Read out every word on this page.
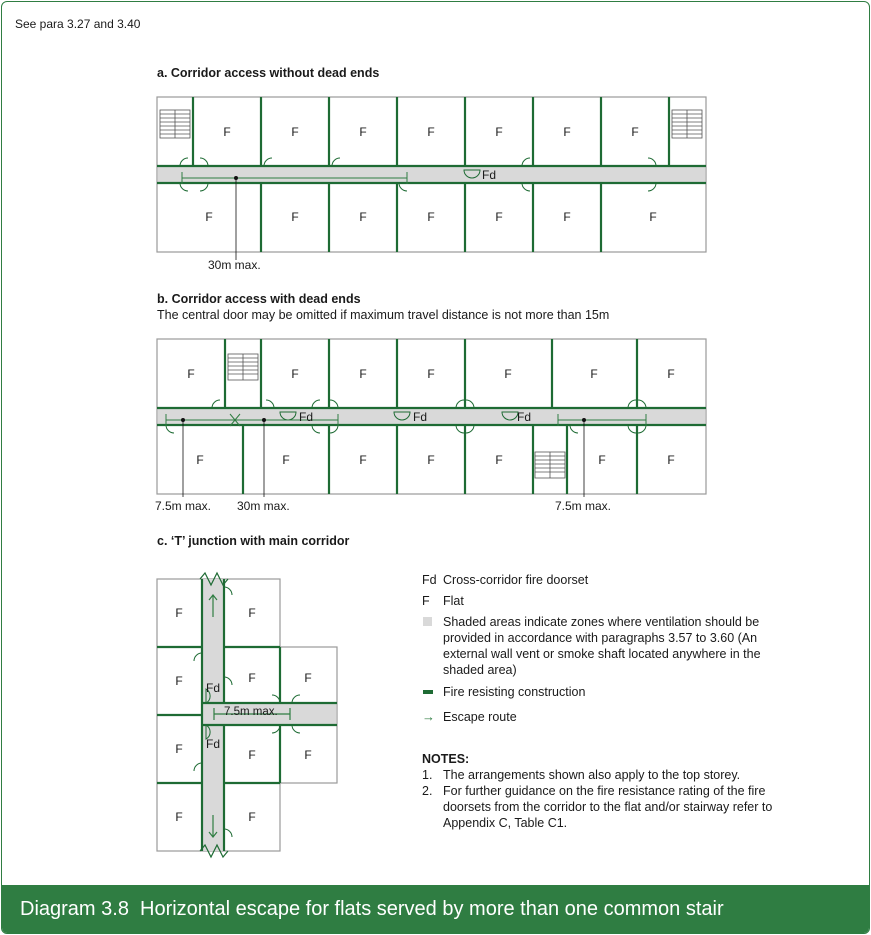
See para 3.27 and 3.40
a. Corridor access without dead ends
F	F	F	F	F	F	F
F	F	F	F	F	F	F
Fd
30m max.
b. Corridor access with dead ends
The central door may be omitted if maximum travel distance is not more than 15m
F	F	F	F	F	F	F
F	F	F	F	F	F	F
Fd	Fd	Fd
7.5m max. 30m max.	7.5m max.
c. ‘T’ junction with main corridor
F	F
F	F	F
F	F	F
F	F
Fd
Fd
7.5m max.
Fd Cross-corridor fire doorset
F	Flat
Shaded areas indicate zones where ventilation should be provided in accordance with paragraphs 3.57 to 3.60 (An external wall vent or smoke shaft located anywhere in the shaded area)
Fire resisting construction
→ Escape route
NOTES:
1. The arrangements shown also apply to the top storey.
2. For further guidance on the fire resistance rating of the fire doorsets from the corridor to the flat and/or stairway refer to Appendix C, Table C1.
Diagram 3.8 Horizontal escape for flats served by more than one common stair
